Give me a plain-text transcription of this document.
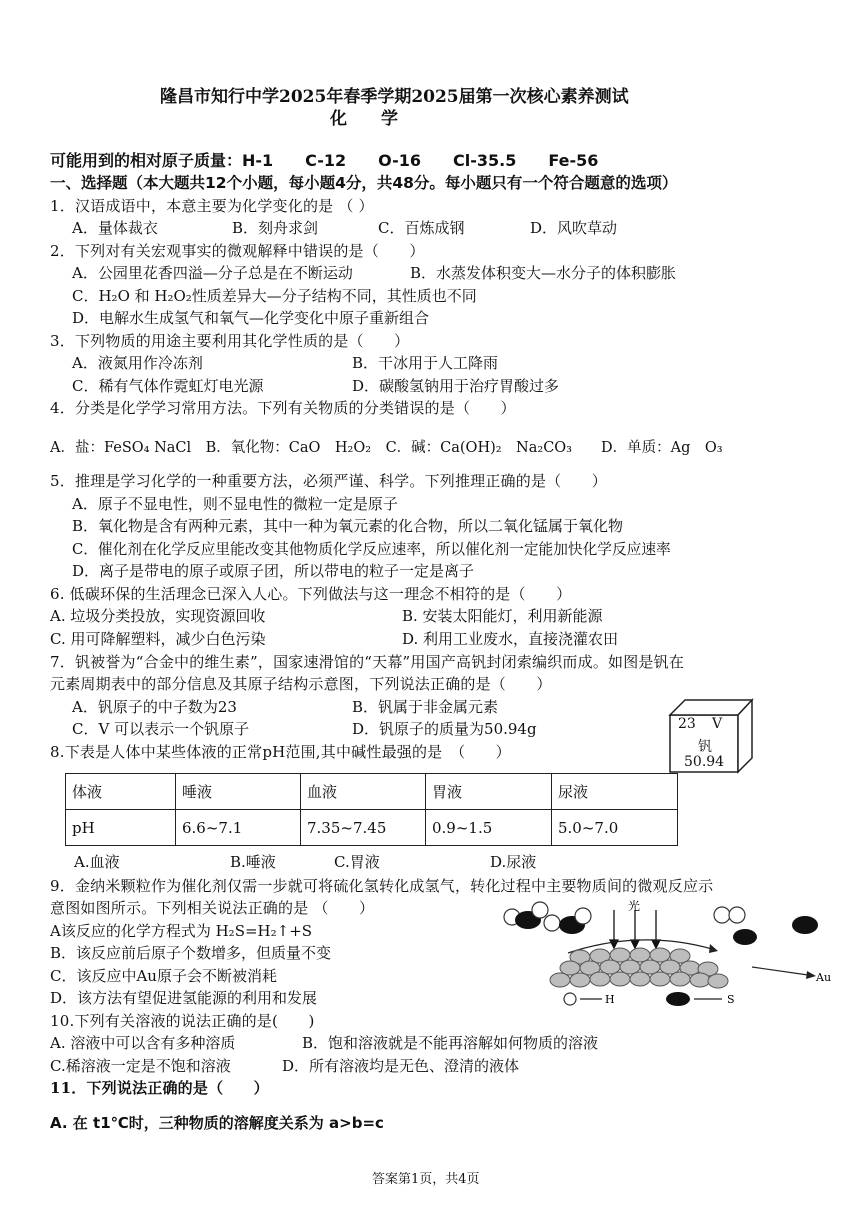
隆昌市知行中学2025年春季学期2025届第一次核心素养测试
化　　学
可能用到的相对原子质量：H-1　　C-12　　O-16　　Cl-35.5　　Fe-56
一、选择题（本大题共12个小题，每小题4分，共48分。每小题只有一个符合题意的选项）
1．汉语成语中，本意主要为化学变化的是 （ ）
A．量体裁衣	B．刻舟求剑	C．百炼成钢	D．风吹草动
2．下列对有关宏观事实的微观解释中错误的是（　　）
A．公园里花香四溢—分子总是在不断运动	B．水蒸发体积变大—水分子的体积膨胀
C．H₂O 和 H₂O₂性质差异大—分子结构不同，其性质也不同
D．电解水生成氢气和氧气—化学变化中原子重新组合
3．下列物质的用途主要利用其化学性质的是（　　）
A．液氮用作冷冻剂	B．干冰用于人工降雨
C．稀有气体作霓虹灯电光源	D．碳酸氢钠用于治疗胃酸过多
4．分类是化学学习常用方法。下列有关物质的分类错误的是（　　）
A．盐：FeSO₄ NaCl　B．氧化物：CaO　H₂O₂　C．碱：Ca(OH)₂　Na₂CO₃　　D．单质：Ag　O₃
5．推理是学习化学的一种重要方法，必须严谨、科学。下列推理正确的是（　　）
A．原子不显电性，则不显电性的微粒一定是原子
B．氧化物是含有两种元素，其中一种为氧元素的化合物，所以二氧化锰属于氧化物
C．催化剂在化学反应里能改变其他物质化学反应速率，所以催化剂一定能加快化学反应速率
D．离子是带电的原子或原子团，所以带电的粒子一定是离子
6. 低碳环保的生活理念已深入人心。下列做法与这一理念不相符的是（　　）
A. 垃圾分类投放，实现资源回收	B. 安装太阳能灯，利用新能源
C. 用可降解塑料，减少白色污染	D. 利用工业废水，直接浇灌农田
7．钒被誉为“合金中的维生素”，国家速滑馆的“天幕”用国产高钒封闭索编织而成。如图是钒在
元素周期表中的部分信息及其原子结构示意图，下列说法正确的是（　　）
A．钒原子的中子数为23	B．钒属于非金属元素
C．V 可以表示一个钒原子	D．钒原子的质量为50.94g	23 V
钒
50.94
8.下表是人体中某些体液的正常pH范围,其中碱性最强的是　（　　）
体液	唾液	血液	胃液	尿液
pH	6.6~7.1	7.35~7.45	0.9~1.5	5.0~7.0
A.血液	B.唾液	C.胃液	D.尿液
9．金纳米颗粒作为催化剂仅需一步就可将硫化氢转化成氢气，转化过程中主要物质间的微观反应示
意图如图所示。下列相关说法正确的是 （　　）
A该反应的化学方程式为 H₂S=H₂↑+S
B．该反应前后原子个数增多，但质量不变
C．该反应中Au原子会不断被消耗
D．该方法有望促进氢能源的利用和发展
光
Au
H	S
10.下列有关溶液的说法正确的是(　　)
A. 溶液中可以含有多种溶质	B．饱和溶液就是不能再溶解如何物质的溶液
C.稀溶液一定是不饱和溶液	D．所有溶液均是无色、澄清的液体
11．下列说法正确的是（　　）
A. 在 t1℃时，三种物质的溶解度关系为 a>b=c
答案第1页，共4页
